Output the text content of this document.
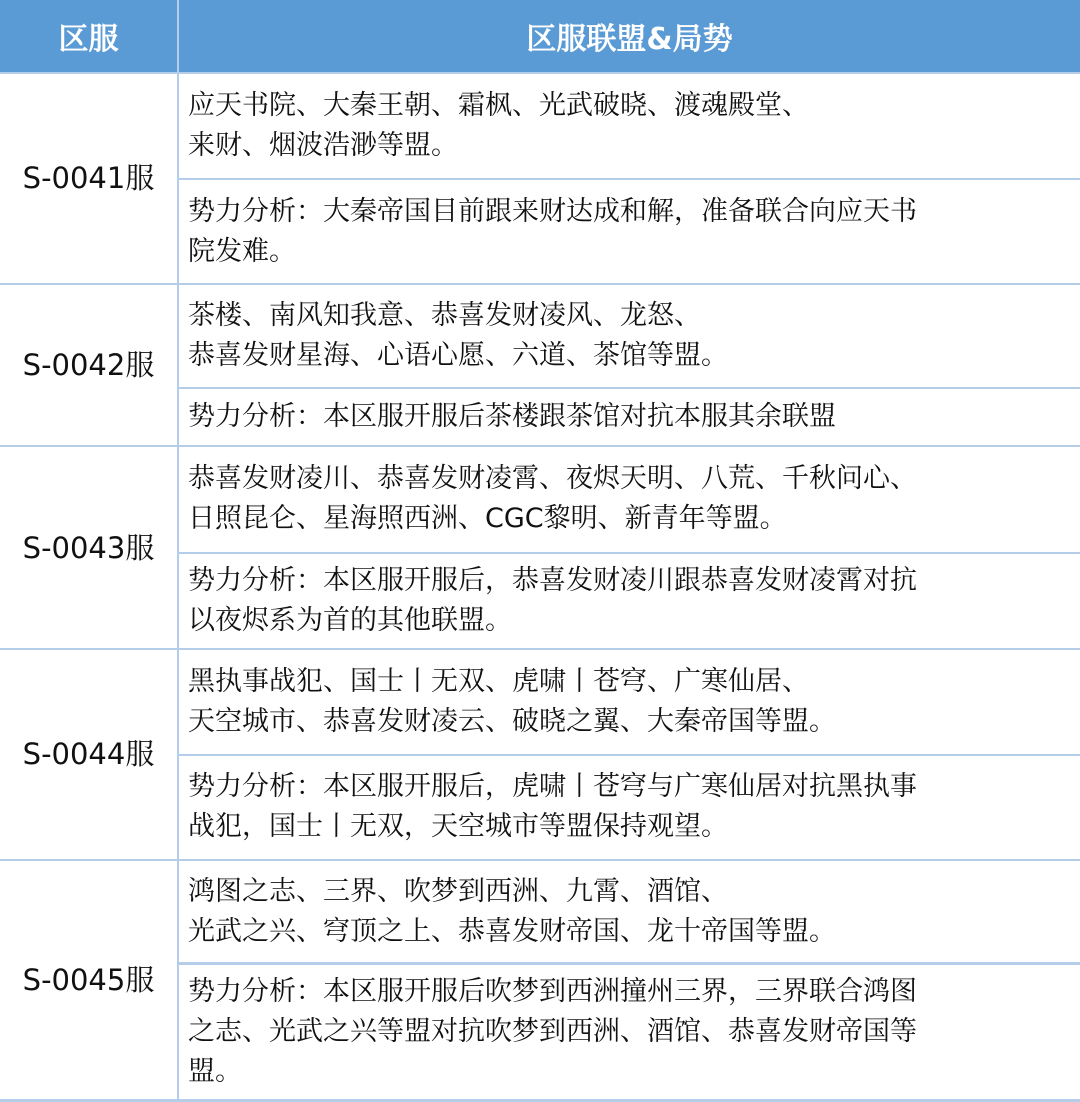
区服	区服联盟&局势
S-0041服	应天书院、大秦王朝、霜枫、光武破晓、渡魂殿堂、
来财、烟波浩渺等盟。

	势力分析：大秦帝国目前跟来财达成和解，准备联合向应天书
院发难。

S-0042服	茶楼、南风知我意、恭喜发财凌风、龙怒、
恭喜发财星海、心语心愿、六道、茶馆等盟。

	势力分析：本区服开服后茶楼跟茶馆对抗本服其余联盟

S-0043服	恭喜发财凌川、恭喜发财凌霄、夜烬天明、八荒、千秋问心、
日照昆仑、星海照西洲、CGC黎明、新青年等盟。

	势力分析：本区服开服后，恭喜发财凌川跟恭喜发财凌霄对抗
以夜烬系为首的其他联盟。

S-0044服	黑执事战犯、国士丨无双、虎啸丨苍穹、广寒仙居、
天空城市、恭喜发财凌云、破晓之翼、大秦帝国等盟。

	势力分析：本区服开服后，虎啸丨苍穹与广寒仙居对抗黑执事
战犯，国士丨无双，天空城市等盟保持观望。

S-0045服	鸿图之志、三界、吹梦到西洲、九霄、酒馆、
光武之兴、穹顶之上、恭喜发财帝国、龙十帝国等盟。

	势力分析：本区服开服后吹梦到西洲撞州三界，三界联合鸿图
之志、光武之兴等盟对抗吹梦到西洲、酒馆、恭喜发财帝国等
盟。
